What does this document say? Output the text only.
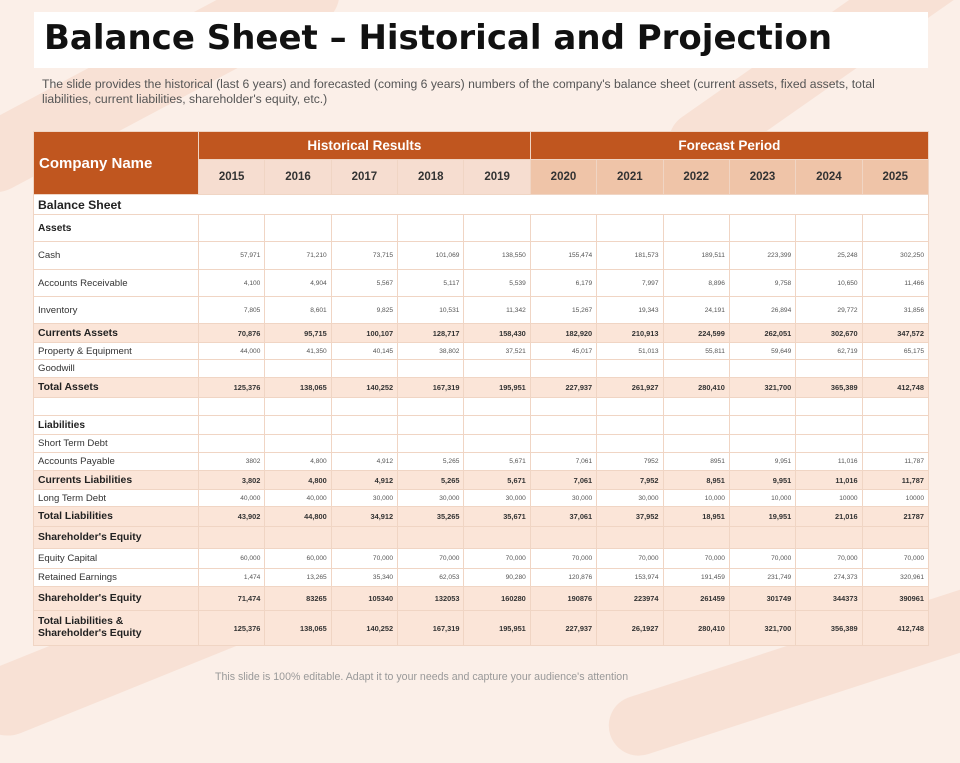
Balance Sheet – Historical and Projection
The slide provides the historical (last 6 years) and forecasted (coming 6 years) numbers of the company's balance sheet (current assets, fixed assets, total liabilities, current liabilities, shareholder's equity, etc.)
Company Name	Historical Results					Forecast Period					
	2015	2016	2017	2018	2019	2020	2021	2022	2023	2024	2025
Balance Sheet											
Assets											
Cash	57,971	71,210	73,715	101,069	138,550	155,474	181,573	189,511	223,399	25,248	302,250
Accounts Receivable	4,100	4,904	5,567	5,117	5,539	6,179	7,997	8,896	9,758	10,650	11,466
Inventory	7,805	8,601	9,825	10,531	11,342	15,267	19,343	24,191	26,894	29,772	31,856
Currents Assets	70,876	95,715	100,107	128,717	158,430	182,920	210,913	224,599	262,051	302,670	347,572
Property & Equipment	44,000	41,350	40,145	38,802	37,521	45,017	51,013	55,811	59,649	62,719	65,175
Goodwill											
Total Assets	125,376	138,065	140,252	167,319	195,951	227,937	261,927	280,410	321,700	365,389	412,748

Liabilities											
Short Term Debt											
Accounts Payable	3802	4,800	4,912	5,265	5,671	7,061	7952	8951	9,951	11,016	11,787
Currents Liabilities	3,802	4,800	4,912	5,265	5,671	7,061	7,952	8,951	9,951	11,016	11,787
Long Term Debt	40,000	40,000	30,000	30,000	30,000	30,000	30,000	10,000	10,000	10000	10000
Total Liabilities	43,902	44,800	34,912	35,265	35,671	37,061	37,952	18,951	19,951	21,016	21787
Shareholder's Equity											
Equity Capital	60,000	60,000	70,000	70,000	70,000	70,000	70,000	70,000	70,000	70,000	70,000
Retained Earnings	1,474	13,265	35,340	62,053	90,280	120,876	153,974	191,459	231,749	274,373	320,961
Shareholder's Equity	71,474	83265	105340	132053	160280	190876	223974	261459	301749	344373	390961
Total Liabilities & Shareholder's Equity	125,376	138,065	140,252	167,319	195,951	227,937	26,1927	280,410	321,700	356,389	412,748
This slide is 100% editable. Adapt it to your needs and capture your audience's attention
